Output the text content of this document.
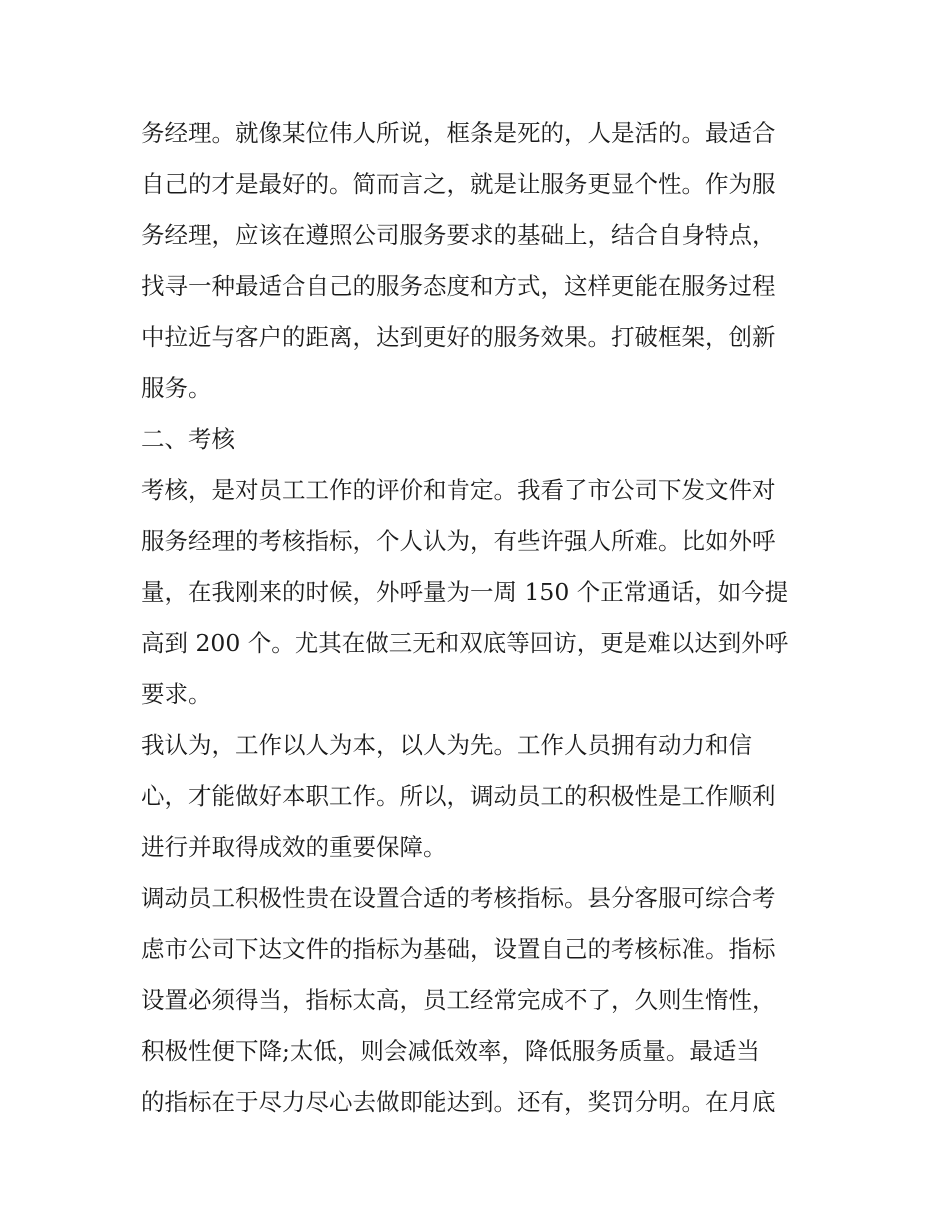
务经理。就像某位伟人所说，框条是死的，人是活的。最适合
自己的才是最好的。简而言之，就是让服务更显个性。作为服
务经理，应该在遵照公司服务要求的基础上，结合自身特点，
找寻一种最适合自己的服务态度和方式，这样更能在服务过程
中拉近与客户的距离，达到更好的服务效果。打破框架，创新
服务。
二、考核
考核，是对员工工作的评价和肯定。我看了市公司下发文件对
服务经理的考核指标，个人认为，有些许强人所难。比如外呼
量，在我刚来的时候，外呼量为一周 150 个正常通话，如今提
高到 200 个。尤其在做三无和双底等回访，更是难以达到外呼
要求。
我认为，工作以人为本，以人为先。工作人员拥有动力和信
心，才能做好本职工作。所以，调动员工的积极性是工作顺利
进行并取得成效的重要保障。
调动员工积极性贵在设置合适的考核指标。县分客服可综合考
虑市公司下达文件的指标为基础，设置自己的考核标准。指标
设置必须得当，指标太高，员工经常完成不了，久则生惰性，
积极性便下降;太低，则会减低效率，降低服务质量。最适当
的指标在于尽力尽心去做即能达到。还有，奖罚分明。在月底
